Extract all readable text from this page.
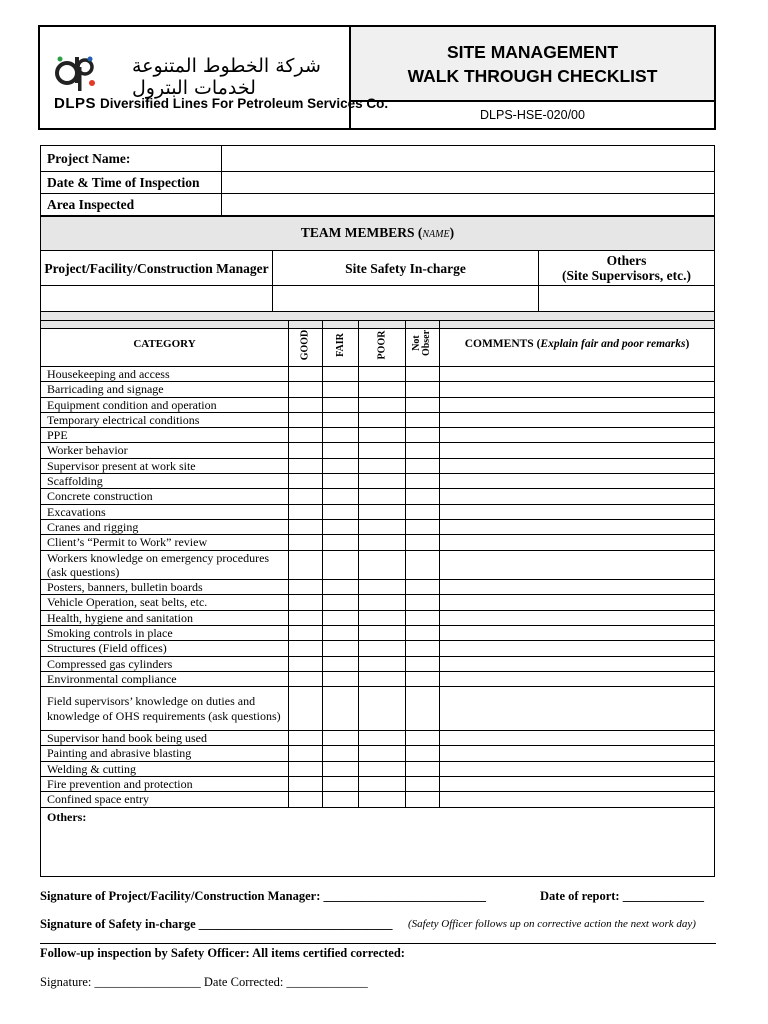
شركة الخطوط المتنوعة لخدمات البترول
DLPS Diversified Lines For Petroleum Services Co.
SITE MANAGEMENT
WALK THROUGH CHECKLIST
DLPS-HSE-020/00
Project Name:	
Date & Time of Inspection	
Area Inspected	
TEAM MEMBERS (NAME)		
Project/Facility/Construction Manager	Site Safety In-charge	Others
(Site Supervisors, etc.)

CATEGORY	GOOD	FAIR	POOR	Not Obser	COMMENTS (Explain fair and poor remarks)
Housekeeping and access					
Barricading and signage					
Equipment condition and operation					
Temporary electrical conditions					
PPE					
Worker behavior					
Supervisor present at work site					
Scaffolding					
Concrete construction					
Excavations					
Cranes and rigging					
Client’s “Permit to Work” review					
Workers knowledge on emergency procedures (ask questions)					
Posters, banners, bulletin boards					
Vehicle Operation, seat belts, etc.					
Health, hygiene and sanitation					
Smoking controls in place					
Structures (Field offices)					
Compressed gas cylinders					
Environmental compliance					
Field supervisors’ knowledge on duties and knowledge of OHS requirements (ask questions)					
Supervisor hand book being used					
Painting and abrasive blasting					
Welding & cutting					
Fire prevention and protection					
Confined space entry					
Others:					
Signature of Project/Facility/Construction Manager: __________________________	Date of report: _____________
Signature of Safety in-charge _______________________________ (Safety Officer follows up on corrective action the next work day)
Follow-up inspection by Safety Officer: All items certified corrected:
Signature: _________________ Date Corrected: _____________
